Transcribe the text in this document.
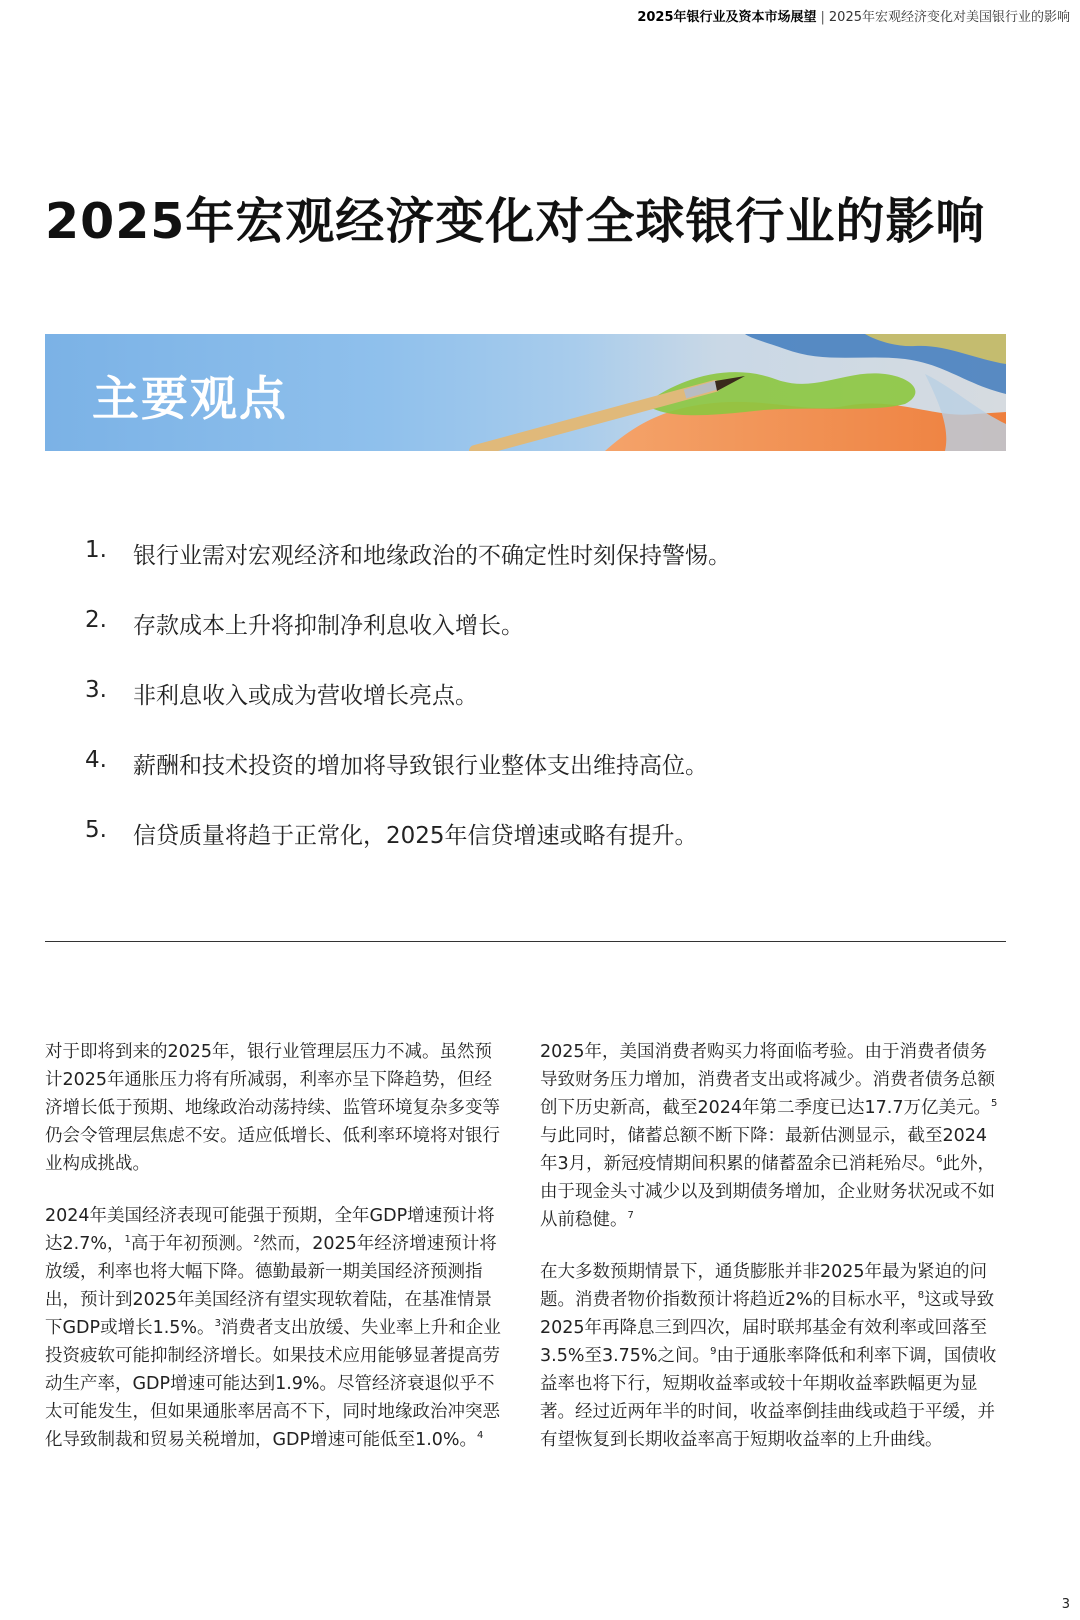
2025年银行业及资本市场展望 | 2025年宏观经济变化对美国银行业的影响
2025年宏观经济变化对全球银行业的影响
主要观点
1.	银行业需对宏观经济和地缘政治的不确定性时刻保持警惕。
2.	存款成本上升将抑制净利息收入增长。
3.	非利息收入或成为营收增长亮点。
4.	薪酬和技术投资的增加将导致银行业整体支出维持高位。
5.	信贷质量将趋于正常化，2025年信贷增速或略有提升。

对于即将到来的2025年，银行业管理层压力不减。虽然预计2025年通胀压力将有所减弱，利率亦呈下降趋势，但经济增长低于预期、地缘政治动荡持续、监管环境复杂多变等仍会令管理层焦虑不安。适应低增长、低利率环境将对银行业构成挑战。

2024年美国经济表现可能强于预期，全年GDP增速预计将达2.7%，$^1$高于年初预测。$^2$然而，2025年经济增速预计将放缓，利率也将大幅下降。德勤最新一期美国经济预测指出，预计到2025年美国经济有望实现软着陆，在基准情景下GDP或增长1.5%。$^3$消费者支出放缓、失业率上升和企业投资疲软可能抑制经济增长。如果技术应用能够显著提高劳动生产率，GDP增速可能达到1.9%。尽管经济衰退似乎不太可能发生，但如果通胀率居高不下，同时地缘政治冲突恶化导致制裁和贸易关税增加，GDP增速可能低至1.0%。$^4$

2025年，美国消费者购买力将面临考验。由于消费者债务导致财务压力增加，消费者支出或将减少。消费者债务总额创下历史新高，截至2024年第二季度已达17.7万亿美元。$^5$与此同时，储蓄总额不断下降：最新估测显示，截至2024年3月，新冠疫情期间积累的储蓄盈余已消耗殆尽。$^6$此外，由于现金头寸减少以及到期债务增加，企业财务状况或不如从前稳健。$^7$

在大多数预期情景下，通货膨胀并非2025年最为紧迫的问题。消费者物价指数预计将趋近2%的目标水平，$^8$这或导致2025年再降息三到四次，届时联邦基金有效利率或回落至3.5%至3.75%之间。$^9$由于通胀率降低和利率下调，国债收益率也将下行，短期收益率或较十年期收益率跌幅更为显著。经过近两年半的时间，收益率倒挂曲线或趋于平缓，并有望恢复到长期收益率高于短期收益率的上升曲线。

3
